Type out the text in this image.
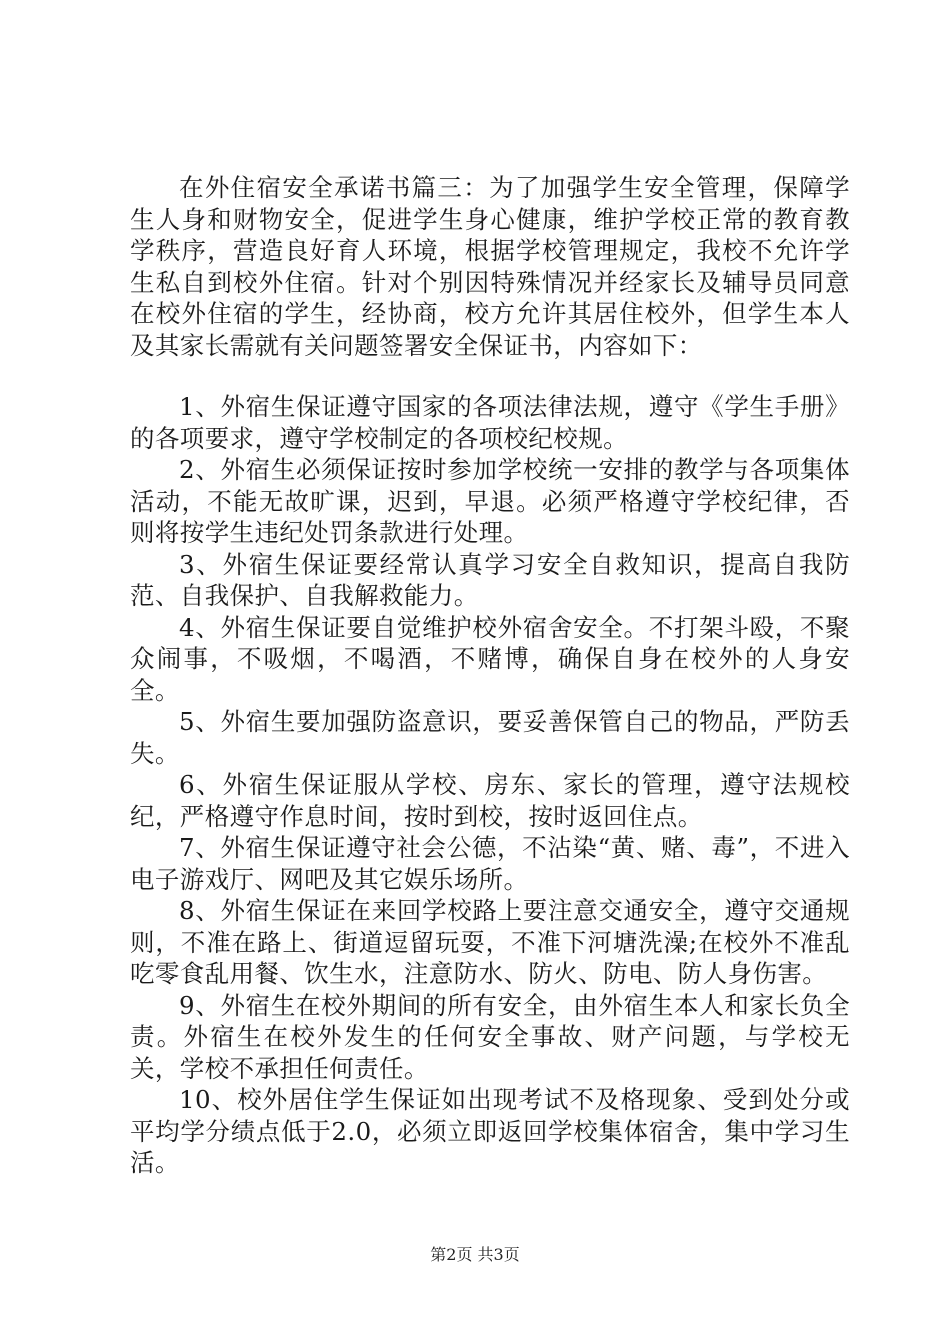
在外住宿安全承诺书篇三：为了加强学生安全管理，保障学生人身和财物安全，促进学生身心健康，维护学校正常的教育教学秩序，营造良好育人环境，根据学校管理规定，我校不允许学生私自到校外住宿。针对个别因特殊情况并经家长及辅导员同意在校外住宿的学生，经协商，校方允许其居住校外，但学生本人及其家长需就有关问题签署安全保证书，内容如下：

1、外宿生保证遵守国家的各项法律法规，遵守《学生手册》的各项要求，遵守学校制定的各项校纪校规。

2、外宿生必须保证按时参加学校统一安排的教学与各项集体活动，不能无故旷课，迟到，早退。必须严格遵守学校纪律，否则将按学生违纪处罚条款进行处理。

3、外宿生保证要经常认真学习安全自救知识，提高自我防范、自我保护、自我解救能力。

4、外宿生保证要自觉维护校外宿舍安全。不打架斗殴，不聚众闹事，不吸烟，不喝酒，不赌博，确保自身在校外的人身安全。

5、外宿生要加强防盗意识，要妥善保管自己的物品，严防丢失。

6、外宿生保证服从学校、房东、家长的管理，遵守法规校纪，严格遵守作息时间，按时到校，按时返回住点。

7、外宿生保证遵守社会公德，不沾染“黄、赌、毒”，不进入电子游戏厅、网吧及其它娱乐场所。

8、外宿生保证在来回学校路上要注意交通安全，遵守交通规则，不准在路上、街道逗留玩耍，不准下河塘洗澡;在校外不准乱吃零食乱用餐、饮生水，注意防水、防火、防电、防人身伤害。

9、外宿生在校外期间的所有安全，由外宿生本人和家长负全责。外宿生在校外发生的任何安全事故、财产问题，与学校无关，学校不承担任何责任。

10、校外居住学生保证如出现考试不及格现象、受到处分或平均学分绩点低于2.0，必须立即返回学校集体宿舍，集中学习生活。

第2页 共3页
